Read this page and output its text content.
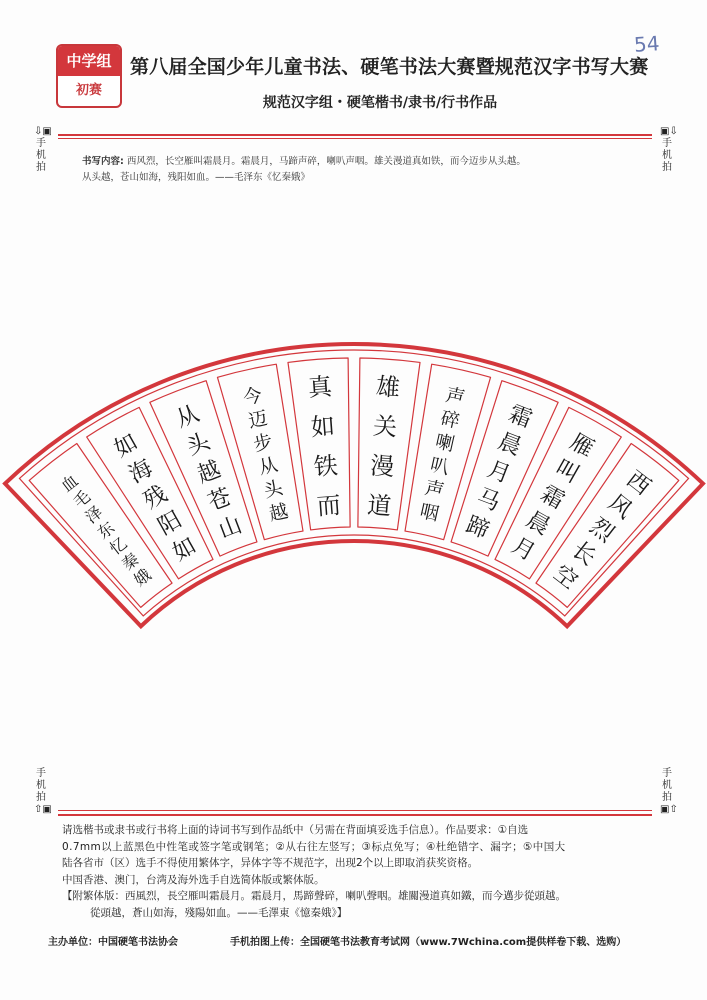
中学组
初赛
54
第八届全国少年儿童书法、硬笔书法大赛暨规范汉字书写大赛
规范汉字组・硬笔楷书/隶书/行书作品
⇩▣
手
机
拍
▣⇩
手
机
拍
书写内容: 西风烈，长空雁叫霜晨月。霜晨月，马蹄声碎，喇叭声咽。雄关漫道真如铁，而今迈步从头越。
从头越，苍山如海，残阳如血。——毛泽东《忆秦娥》
血
毛
泽
东
忆
秦
娥
如
海
残
阳
如
从
头
越
苍
山
今
迈
步
从
头
越
真
如
铁
而
雄
关
漫
道
声
碎
喇
叭
声
咽
霜
晨
月
马
蹄
雁
叫
霜
晨
月
西
风
烈
长
空
手
机
拍
⇧▣
手
机
拍
▣⇧
请选楷书或隶书或行书将上面的诗词书写到作品纸中（另需在背面填妥选手信息）。作品要求：①自选
0.7mm以上蓝黑色中性笔或签字笔或钢笔；②从右往左竖写；③标点免写；④杜绝错字、漏字；⑤中国大
陆各省市（区）选手不得使用繁体字，异体字等不规范字，出现2个以上即取消获奖资格。
中国香港、澳门，台湾及海外选手自选简体版或繁体版。
【附繁体版：西風烈，長空雁叫霜晨月。霜晨月，馬蹄聲碎，喇叭聲咽。雄關漫道真如鐵，而今邁步從頭越。
從頭越，蒼山如海，殘陽如血。——毛澤東《憶秦娥》】
主办单位：中国硬笔书法协会	手机拍图上传：全国硬笔书法教育考试网（www.7Wchina.com提供样卷下载、选购）
